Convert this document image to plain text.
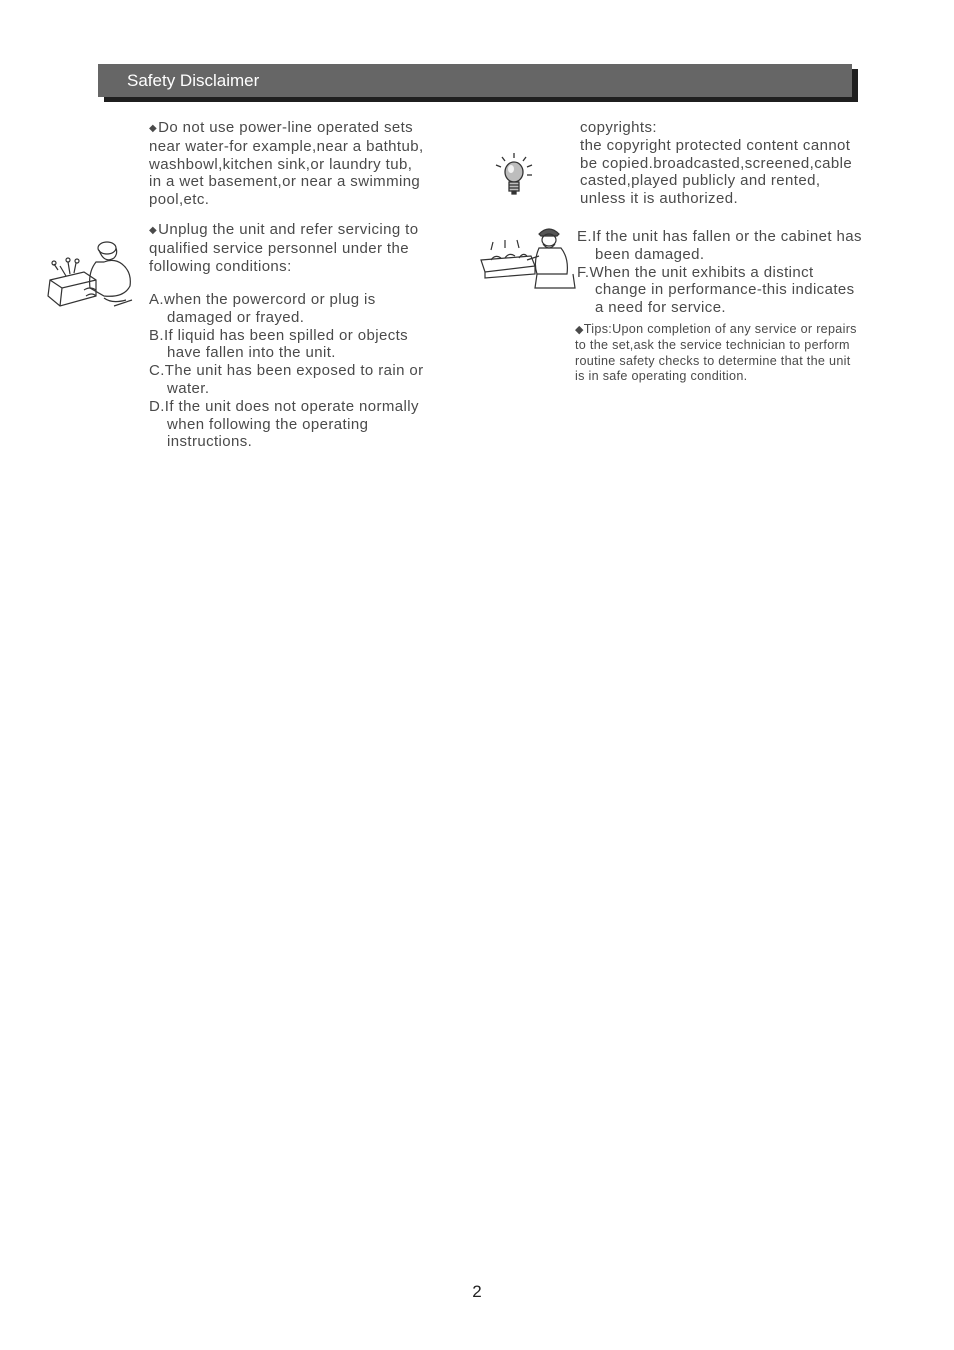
Safety Disclaimer

◆Do not use power-line operated sets

near water-for example,near a bathtub,

washbowl,kitchen sink,or laundry tub,

in a wet basement,or near a swimming

pool,etc.

◆Unplug the unit and refer servicing to

qualified service personnel under the

following conditions:

A.when the powercord or plug is

damaged or frayed.

B.If liquid has been spilled or objects

have fallen into the unit.

C.The unit has been exposed to rain or

water.

D.If the unit does not operate normally

when following the operating

instructions.

copyrights:

the copyright protected content cannot

be copied.broadcasted,screened,cable

casted,played publicly and rented,

unless it is authorized.

E.If the unit has fallen or the cabinet has

been damaged.

F.When the unit exhibits a distinct

change in performance-this indicates

a need for service.

◆Tips:Upon completion of any service or repairs

to the set,ask the service technician to perform

routine safety checks to determine that the unit

is in safe operating condition.

2
